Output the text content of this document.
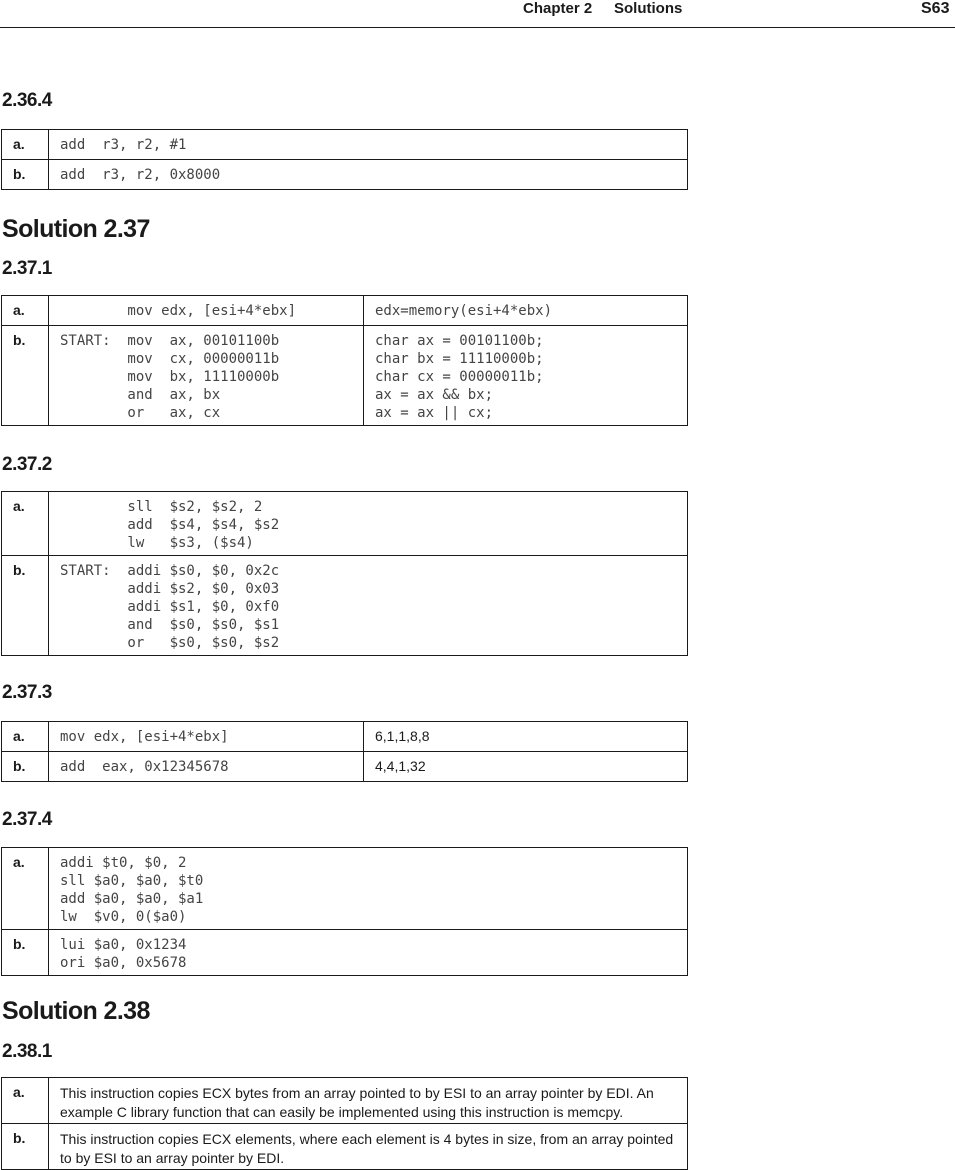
Chapter 2 Solutions	S63
2.36.4
a.	add  r3, r2, #1

b.	add  r3, r2, 0x8000
Solution 2.37
2.37.1
a.	mov edx, [esi+4*ebx]	edx=memory(esi+4*ebx)

b.	START:  mov  ax, 00101100b
mov  cx, 00000011b
mov  bx, 11110000b
and  ax, bx
or   ax, cx	char ax = 00101100b;
char bx = 11110000b;
char cx = 00000011b;
ax = ax && bx;
ax = ax || cx;
2.37.2
a.	sll  $s2, $s2, 2
add  $s4, $s4, $s2
lw   $s3, ($s4)

b.	START:  addi $s0, $0, 0x2c
addi $s2, $0, 0x03
addi $s1, $0, 0xf0
and  $s0, $s0, $s1
or   $s0, $s0, $s2
2.37.3
a.	mov edx, [esi+4*ebx]	6,1,1,8,8

b.	add  eax, 0x12345678	4,4,1,32
2.37.4
a.	addi $t0, $0, 2
sll $a0, $a0, $t0
add $a0, $a0, $a1
lw  $v0, 0($a0)

b.	lui $a0, 0x1234
ori $a0, 0x5678
Solution 2.38
2.38.1
a.	This instruction copies ECX bytes from an array pointed to by ESI to an array pointer by EDI. An example C library function that can easily be implemented using this instruction is memcpy.

b.	This instruction copies ECX elements, where each element is 4 bytes in size, from an array pointed to by ESI to an array pointer by EDI.
